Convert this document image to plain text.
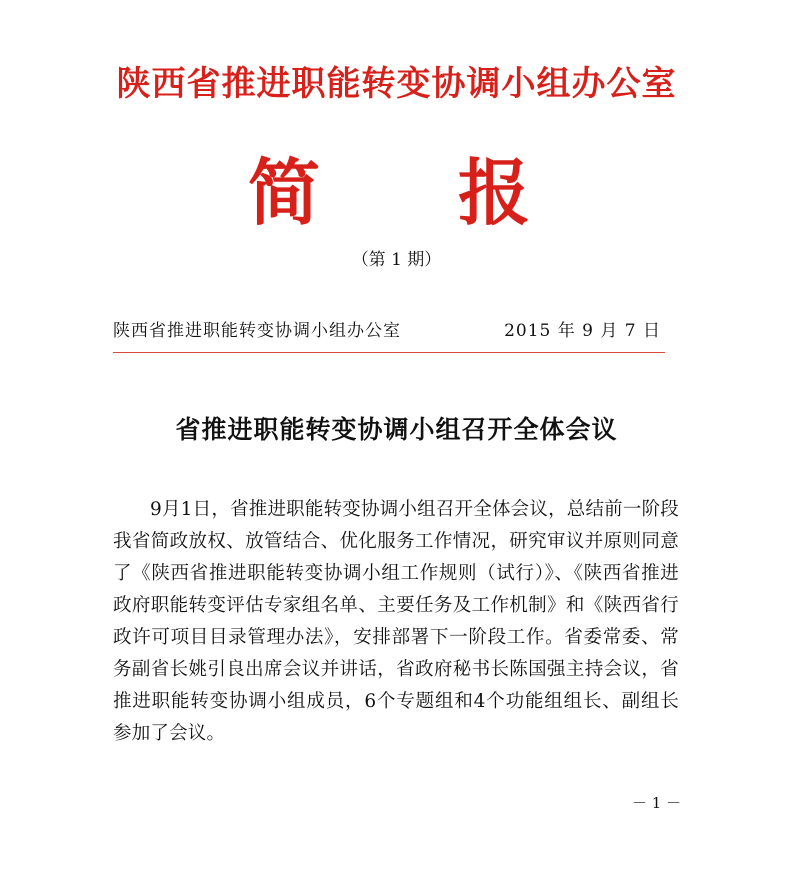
陕西省推进职能转变协调小组办公室
简 报
（第 1 期）
陕西省推进职能转变协调小组办公室	2015 年 9 月 7 日
省推进职能转变协调小组召开全体会议

9月1日，省推进职能转变协调小组召开全体会议，总结前一阶段我省简政放权、放管结合、优化服务工作情况，研究审议并原则同意了《陕西省推进职能转变协调小组工作规则（试行）》、《陕西省推进政府职能转变评估专家组名单、主要任务及工作机制》和《陕西省行政许可项目目录管理办法》，安排部署下一阶段工作。省委常委、常务副省长姚引良出席会议并讲话，省政府秘书长陈国强主持会议，省推进职能转变协调小组成员，6个专题组和4个功能组组长、副组长参加了会议。

－ 1 －
